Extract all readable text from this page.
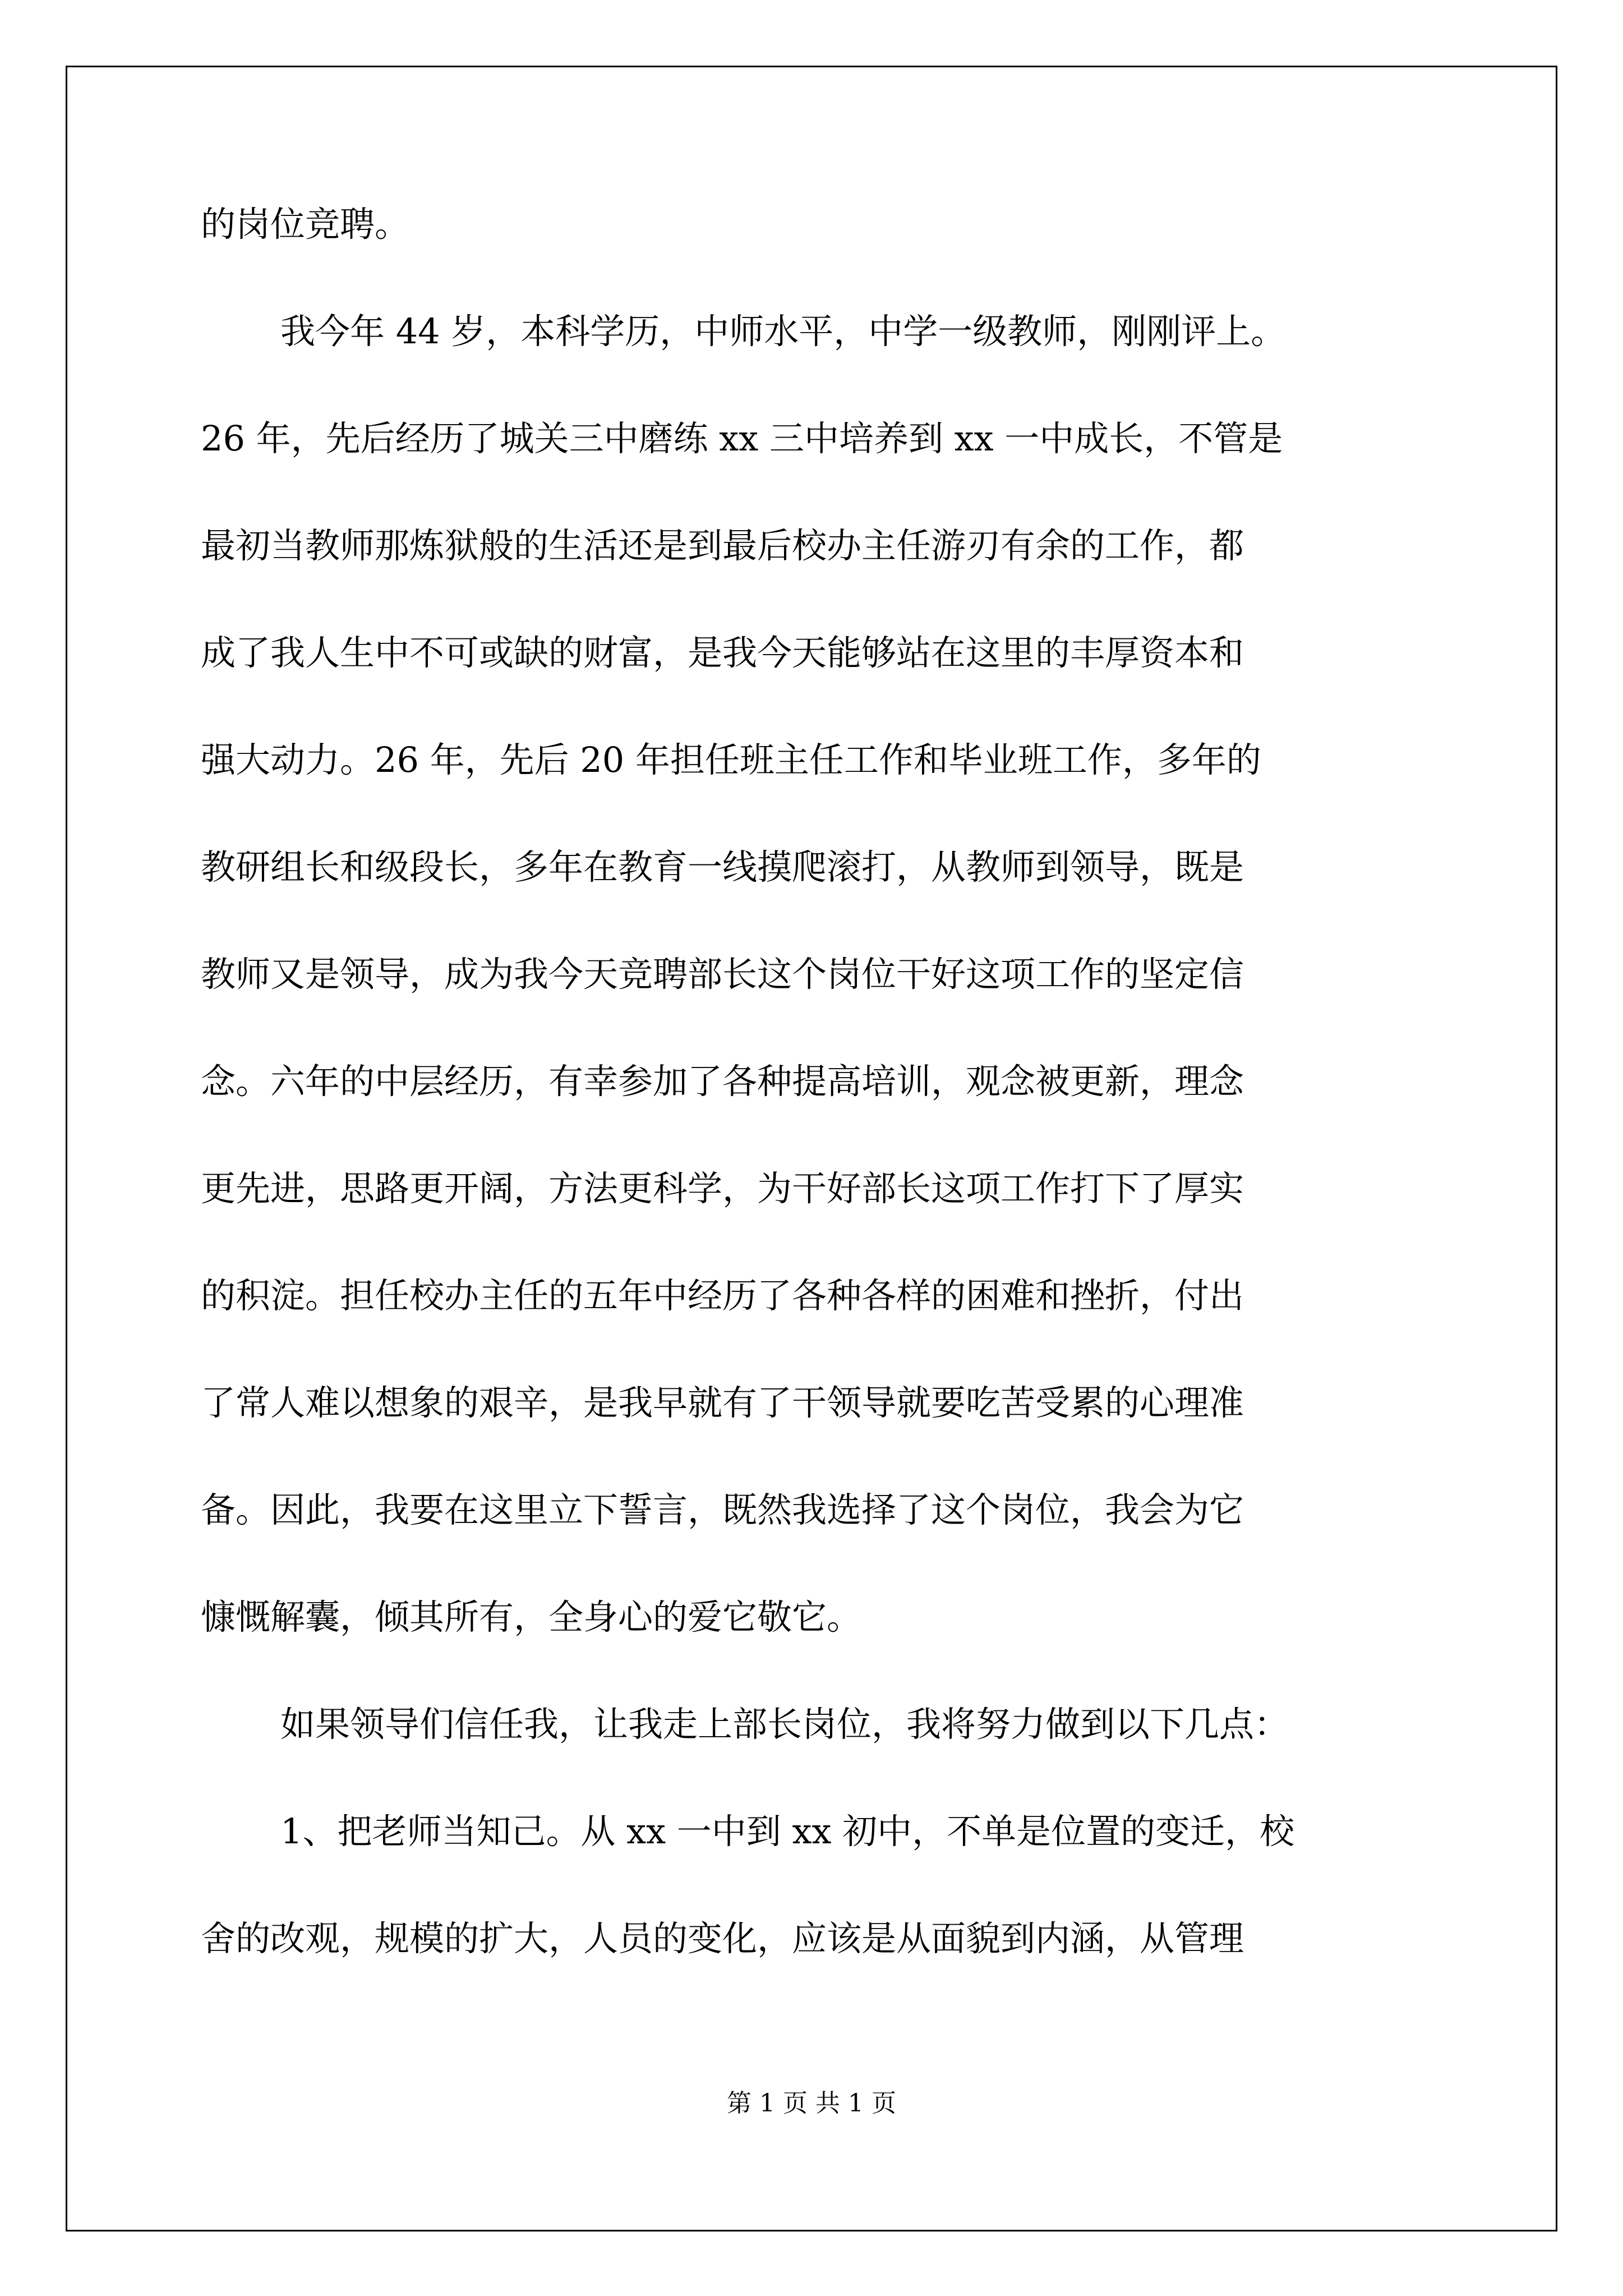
的岗位竞聘。
我今年 44 岁，本科学历，中师水平，中学一级教师，刚刚评上。
26 年，先后经历了城关三中磨练 xx 三中培养到 xx 一中成长，不管是
最初当教师那炼狱般的生活还是到最后校办主任游刃有余的工作，都
成了我人生中不可或缺的财富，是我今天能够站在这里的丰厚资本和
强大动力。26 年，先后 20 年担任班主任工作和毕业班工作，多年的
教研组长和级段长，多年在教育一线摸爬滚打，从教师到领导，既是
教师又是领导，成为我今天竞聘部长这个岗位干好这项工作的坚定信
念。六年的中层经历，有幸参加了各种提高培训，观念被更新，理念
更先进，思路更开阔，方法更科学，为干好部长这项工作打下了厚实
的积淀。担任校办主任的五年中经历了各种各样的困难和挫折，付出
了常人难以想象的艰辛，是我早就有了干领导就要吃苦受累的心理准
备。因此，我要在这里立下誓言，既然我选择了这个岗位，我会为它
慷慨解囊，倾其所有，全身心的爱它敬它。
如果领导们信任我，让我走上部长岗位，我将努力做到以下几点：
1、把老师当知己。从 xx 一中到 xx 初中，不单是位置的变迁，校
舍的改观，规模的扩大，人员的变化，应该是从面貌到内涵，从管理
第 1 页 共 1 页
